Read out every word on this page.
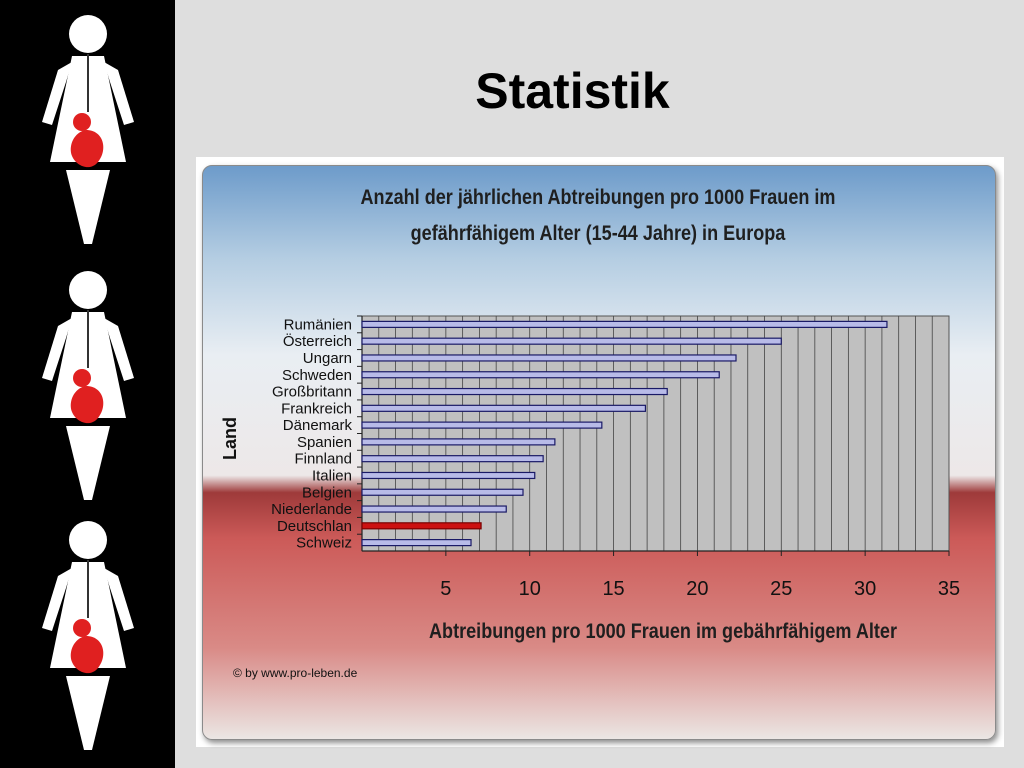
Statistik
Anzahl der jährlichen Abtreibungen pro 1000 Frauen im
gefährfähigem Alter (15-44 Jahre) in Europa
Rumänien
Österreich
Ungarn
Schweden
Großbritann
Frankreich
Dänemark
Spanien
Finnland
Italien
Belgien
Niederlande
Deutschlan
Schweiz
5	10	15	20	25	30	35
Land
Abtreibungen pro 1000 Frauen im gebährfähigem Alter
© by www.pro-leben.de
